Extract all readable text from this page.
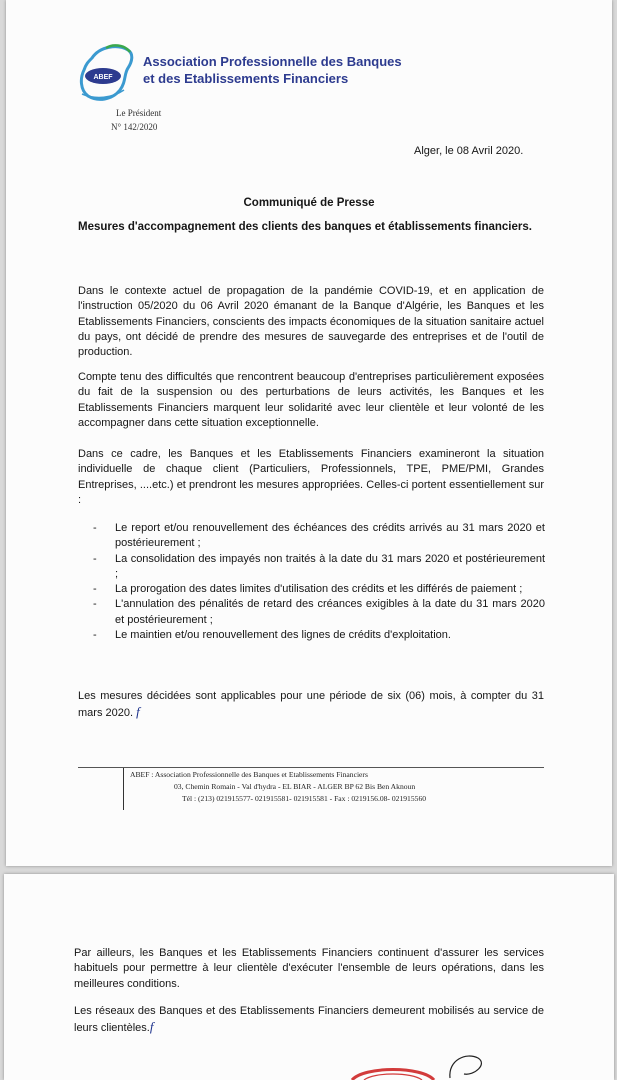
ABEF
Association Professionnelle des Banques
et des Etablissements Financiers
Le Président
N° 142/2020
Alger, le 08 Avril 2020.
Communiqué de Presse
Mesures d'accompagnement des clients des banques et établissements financiers.

Dans le contexte actuel de propagation de la pandémie COVID-19, et en application de l'instruction 05/2020 du 06 Avril 2020 émanant de la Banque d'Algérie, les Banques et les Etablissements Financiers, conscients des impacts économiques de la situation sanitaire actuel du pays, ont décidé de prendre des mesures de sauvegarde des entreprises et de l'outil de production.

Compte tenu des difficultés que rencontrent beaucoup d'entreprises particulièrement exposées du fait de la suspension ou des perturbations de leurs activités, les Banques et les Etablissements Financiers marquent leur solidarité avec leur clientèle et leur volonté de les accompagner dans cette situation exceptionnelle.

Dans ce cadre, les Banques et les Etablissements Financiers examineront la situation individuelle de chaque client (Particuliers, Professionnels, TPE, PME/PMI, Grandes Entreprises, ....etc.) et prendront les mesures appropriées. Celles-ci portent essentiellement sur :

- Le report et/ou renouvellement des échéances des crédits arrivés au 31 mars 2020 et postérieurement ;
- La consolidation des impayés non traités à la date du 31 mars 2020 et postérieurement ;
- La prorogation des dates limites d'utilisation des crédits et les différés de paiement ;
- L'annulation des pénalités de retard des créances exigibles à la date du 31 mars 2020 et postérieurement ;
- Le maintien et/ou renouvellement des lignes de crédits d'exploitation.

Les mesures décidées sont applicables pour une période de six (06) mois, à compter du 31 mars 2020. f

ABEF : Association Professionnelle des Banques et Etablissements Financiers
03, Chemin Romain - Val d'hydra - EL BIAR - ALGER BP 62 Bis Ben Aknoun
Tél : (213) 021915577- 021915581- 021915581 - Fax : 0219156.08- 021915560

Par ailleurs, les Banques et les Etablissements Financiers continuent d'assurer les services habituels pour permettre à leur clientèle d'exécuter l'ensemble de leurs opérations, dans les meilleures conditions.

Les réseaux des Banques et des Etablissements Financiers demeurent mobilisés au service de leurs clientèles.f
